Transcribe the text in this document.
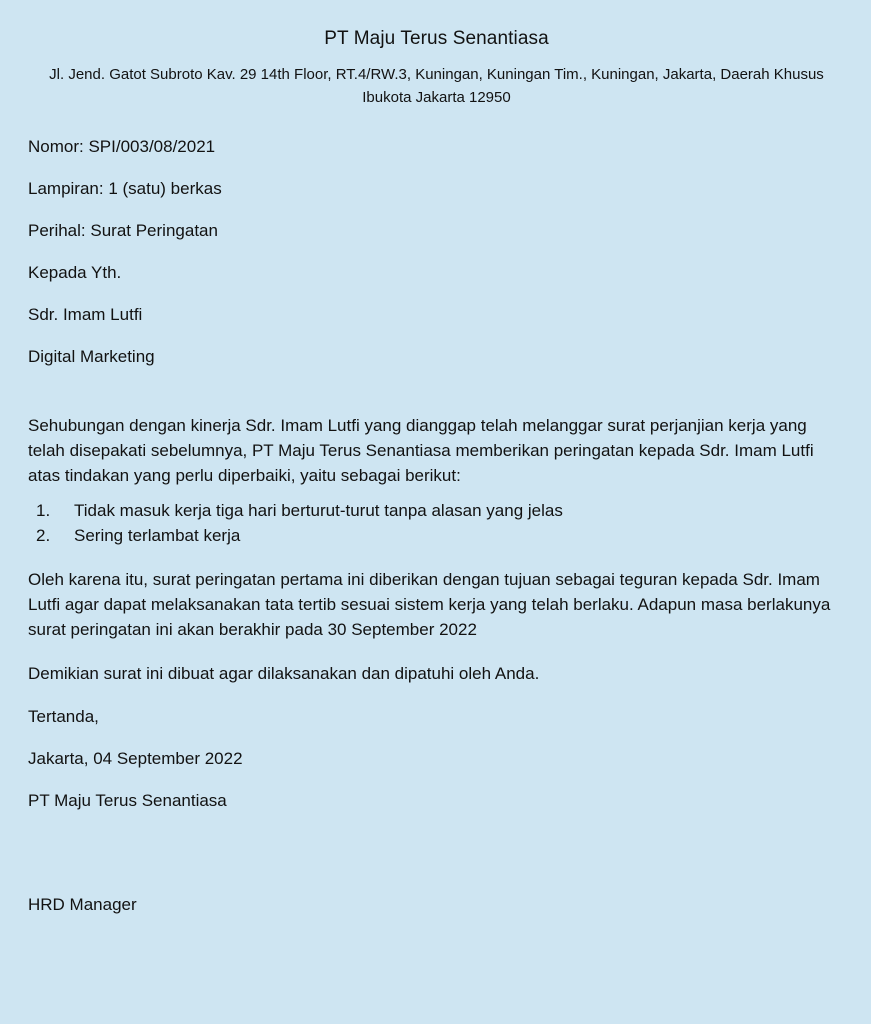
PT Maju Terus Senantiasa
Jl. Jend. Gatot Subroto Kav. 29 14th Floor, RT.4/RW.3, Kuningan, Kuningan Tim., Kuningan, Jakarta, Daerah Khusus Ibukota Jakarta 12950
Nomor: SPI/003/08/2021
Lampiran: 1 (satu) berkas
Perihal: Surat Peringatan
Kepada Yth.
Sdr. Imam Lutfi
Digital Marketing
Sehubungan dengan kinerja Sdr. Imam Lutfi yang dianggap telah melanggar surat perjanjian kerja yang telah disepakati sebelumnya, PT Maju Terus Senantiasa memberikan peringatan kepada Sdr. Imam Lutfi atas tindakan yang perlu diperbaiki, yaitu sebagai berikut:
1.	Tidak masuk kerja tiga hari berturut-turut tanpa alasan yang jelas
2.	Sering terlambat kerja
Oleh karena itu, surat peringatan pertama ini diberikan dengan tujuan sebagai teguran kepada Sdr. Imam Lutfi agar dapat melaksanakan tata tertib sesuai sistem kerja yang telah berlaku. Adapun masa berlakunya surat peringatan ini akan berakhir pada 30 September 2022
Demikian surat ini dibuat agar dilaksanakan dan dipatuhi oleh Anda.
Tertanda,
Jakarta, 04 September 2022
PT Maju Terus Senantiasa
HRD Manager
